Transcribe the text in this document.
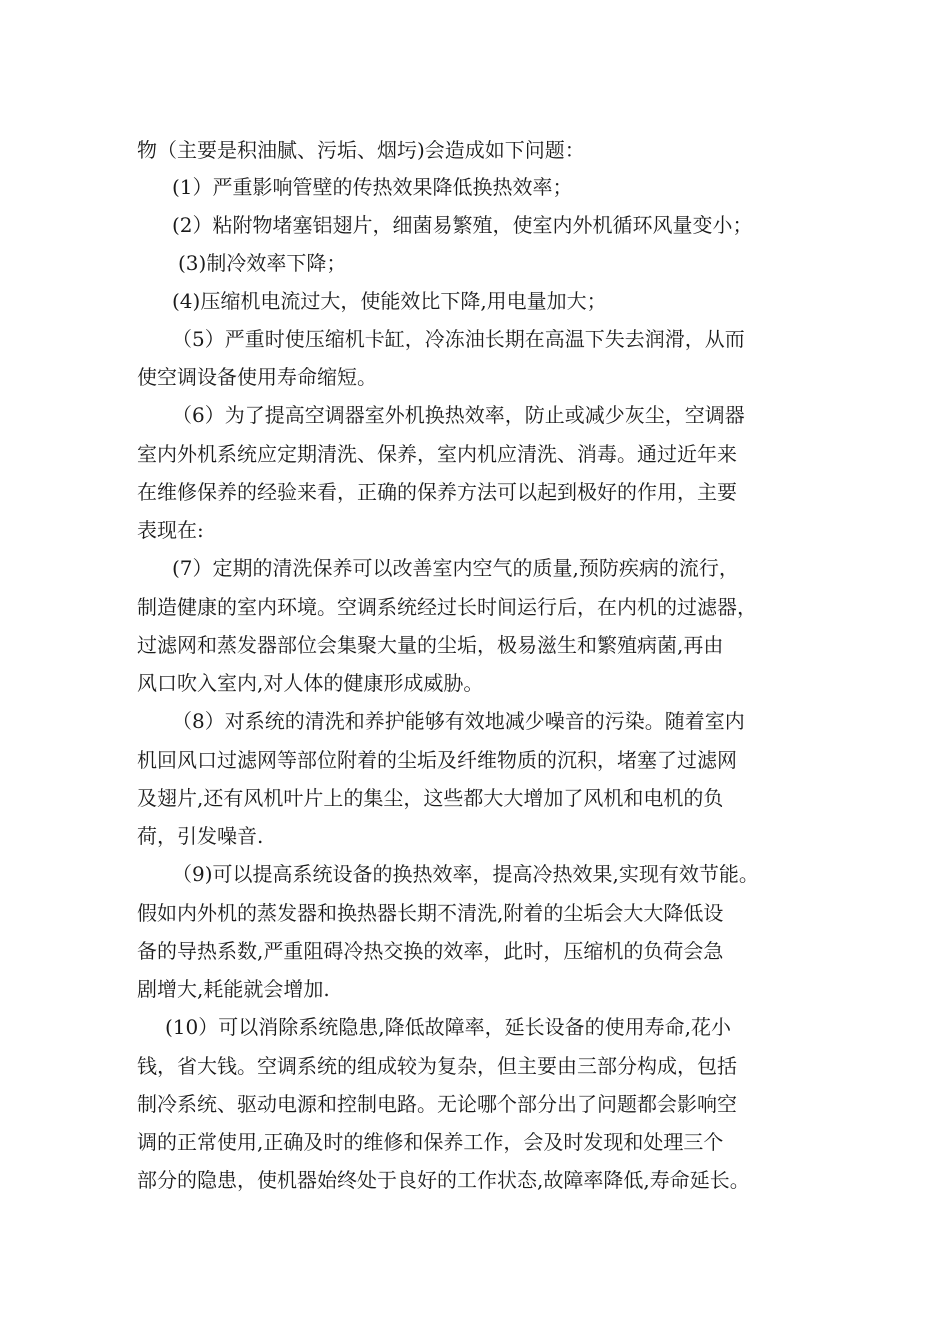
物（主要是积油腻、污垢、烟圬)会造成如下问题：
(1）严重影响管壁的传热效果降低换热效率；
(2）粘附物堵塞铝翅片，细菌易繁殖，使室内外机循环风量变小；
(3)制冷效率下降；
(4)压缩机电流过大，使能效比下降,用电量加大；
（5）严重时使压缩机卡缸，冷冻油长期在高温下失去润滑，从而
使空调设备使用寿命缩短。
（6）为了提高空调器室外机换热效率，防止或减少灰尘，空调器
室内外机系统应定期清洗、保养，室内机应清洗、消毒。通过近年来
在维修保养的经验来看，正确的保养方法可以起到极好的作用，主要
表现在:
(7）定期的清洗保养可以改善室内空气的质量,预防疾病的流行，
制造健康的室内环境。空调系统经过长时间运行后，在内机的过滤器，
过滤网和蒸发器部位会集聚大量的尘垢，极易滋生和繁殖病菌,再由
风口吹入室内,对人体的健康形成威胁。
（8）对系统的清洗和养护能够有效地减少噪音的污染。随着室内
机回风口过滤网等部位附着的尘垢及纤维物质的沉积，堵塞了过滤网
及翅片,还有风机叶片上的集尘，这些都大大增加了风机和电机的负
荷，引发噪音.
（9)可以提高系统设备的换热效率，提高冷热效果,实现有效节能。
假如内外机的蒸发器和换热器长期不清洗,附着的尘垢会大大降低设
备的导热系数,严重阻碍冷热交换的效率，此时，压缩机的负荷会急
剧增大,耗能就会增加.
(10）可以消除系统隐患,降低故障率，延长设备的使用寿命,花小
钱，省大钱。空调系统的组成较为复杂，但主要由三部分构成，包括
制冷系统、驱动电源和控制电路。无论哪个部分出了问题都会影响空
调的正常使用,正确及时的维修和保养工作，会及时发现和处理三个
部分的隐患，使机器始终处于良好的工作状态,故障率降低,寿命延长。
